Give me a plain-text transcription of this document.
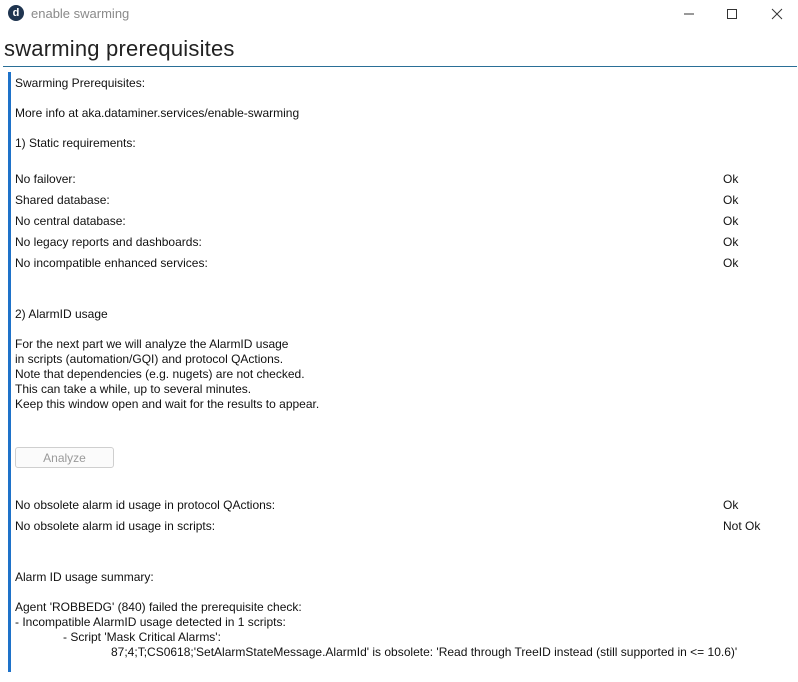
d enable swarming
swarming prerequisites
Swarming Prerequisites:
More info at aka.dataminer.services/enable-swarming
1) Static requirements:
No failover:	Ok
Shared database:	Ok
No central database:	Ok
No legacy reports and dashboards:	Ok
No incompatible enhanced services:	Ok
2) AlarmID usage
For the next part we will analyze the AlarmID usage
in scripts (automation/GQI) and protocol QActions.
Note that dependencies (e.g. nugets) are not checked.
This can take a while, up to several minutes.
Keep this window open and wait for the results to appear.
Analyze
No obsolete alarm id usage in protocol QActions:	Ok
No obsolete alarm id usage in scripts:	Not Ok
Alarm ID usage summary:
Agent 'ROBBEDG' (840) failed the prerequisite check:
- Incompatible AlarmID usage detected in 1 scripts:
- Script 'Mask Critical Alarms':
87;4;T;CS0618;'SetAlarmStateMessage.AlarmId' is obsolete: 'Read through TreeID instead (still supported in <= 10.6)'
